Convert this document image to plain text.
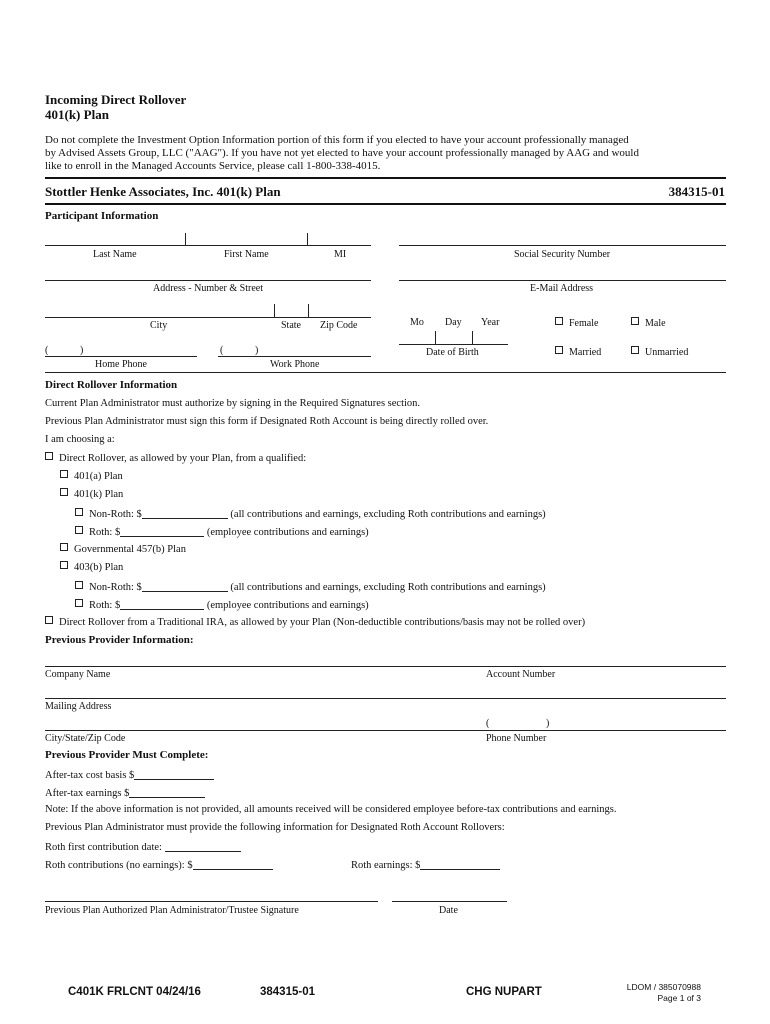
Incoming Direct Rollover
401(k) Plan
Do not complete the Investment Option Information portion of this form if you elected to have your account professionally managed
by Advised Assets Group, LLC ("AAG"). If you have not yet elected to have your account professionally managed by AAG and would
like to enroll in the Managed Accounts Service, please call 1-800-338-4015.
Stottler Henke Associates, Inc. 401(k) Plan	384315-01
Participant Information
Last Name	First Name	MI	Social Security Number
Address - Number & Street	E-Mail Address
City	State Zip Code	Mo Day Year
Date of Birth
Female	Male
Married	Unmarried
(	)
Home Phone
(	)
Work Phone
Direct Rollover Information
Current Plan Administrator must authorize by signing in the Required Signatures section.
Previous Plan Administrator must sign this form if Designated Roth Account is being directly rolled over.
I am choosing a:
Direct Rollover, as allowed by your Plan, from a qualified:
401(a) Plan
401(k) Plan
Non-Roth: $	(all contributions and earnings, excluding Roth contributions and earnings)
Roth: $	(employee contributions and earnings)
Governmental 457(b) Plan
403(b) Plan
Non-Roth: $	(all contributions and earnings, excluding Roth contributions and earnings)
Roth: $	(employee contributions and earnings)
Direct Rollover from a Traditional IRA, as allowed by your Plan (Non-deductible contributions/basis may not be rolled over)
Previous Provider Information:
Company Name	Account Number
Mailing Address
(	)
City/State/Zip Code	Phone Number
Previous Provider Must Complete:
After-tax cost basis $
After-tax earnings $
Note: If the above information is not provided, all amounts received will be considered employee before-tax contributions and earnings.
Previous Plan Administrator must provide the following information for Designated Roth Account Rollovers:
Roth first contribution date:
Roth contributions (no earnings): $	Roth earnings: $
Previous Plan Authorized Plan Administrator/Trustee Signature	Date
C401K FRLCNT 04/24/16	384315-01	CHG NUPART	LDOM / 385070988
Page 1 of 3
